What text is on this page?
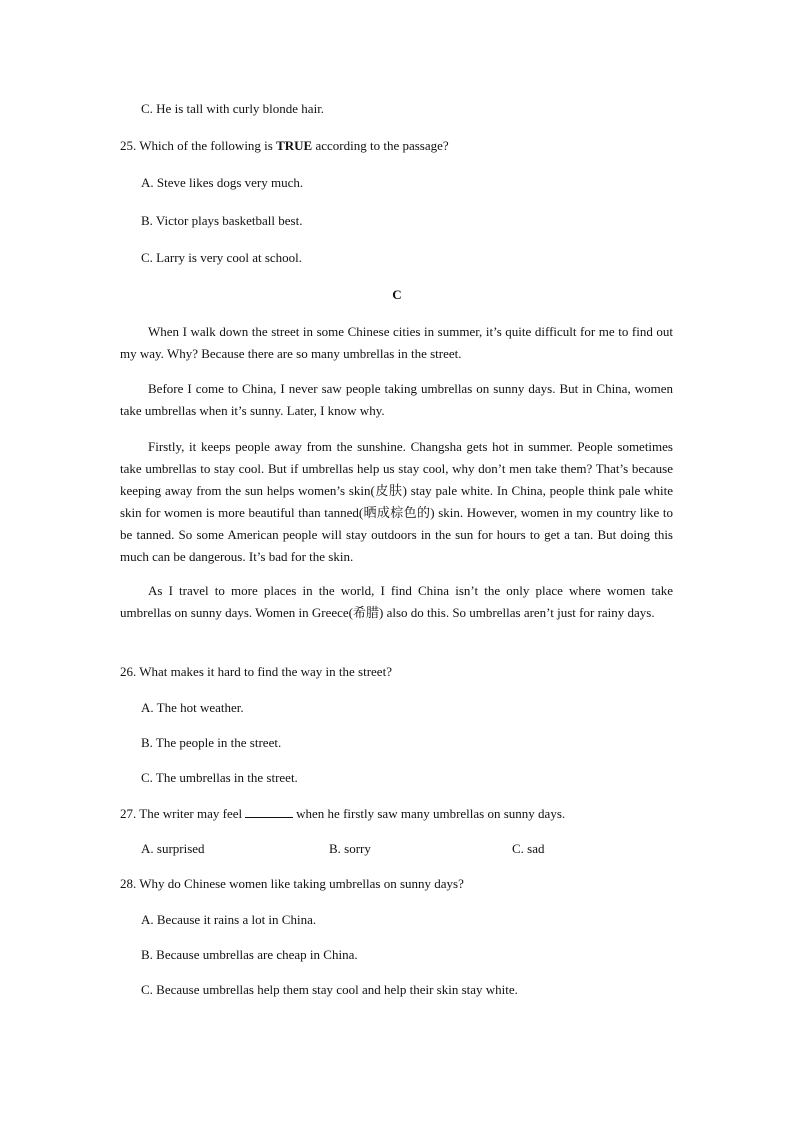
C. He is tall with curly blonde hair.
25. Which of the following is TRUE according to the passage?
A. Steve likes dogs very much.
B. Victor plays basketball best.
C. Larry is very cool at school.
C
When I walk down the street in some Chinese cities in summer, it’s quite difficult for me to find out my way. Why? Because there are so many umbrellas in the street.
Before I come to China, I never saw people taking umbrellas on sunny days. But in China, women take umbrellas when it’s sunny. Later, I know why.
Firstly, it keeps people away from the sunshine. Changsha gets hot in summer. People sometimes take umbrellas to stay cool. But if umbrellas help us stay cool, why don’t men take them? That’s because keeping away from the sun helps women’s skin(皮肤) stay pale white. In China, people think pale white skin for women is more beautiful than tanned(晒成棕色的) skin. However, women in my country like to be tanned. So some American people will stay outdoors in the sun for hours to get a tan. But doing this much can be dangerous. It’s bad for the skin.
As I travel to more places in the world, I find China isn’t the only place where women take umbrellas on sunny days. Women in Greece(希腊) also do this. So umbrellas aren’t just for rainy days.
26. What makes it hard to find the way in the street?
A. The hot weather.
B. The people in the street.
C. The umbrellas in the street.
27. The writer may feel	when he firstly saw many umbrellas on sunny days.
A. surprised	B. sorry	C. sad
28. Why do Chinese women like taking umbrellas on sunny days?
A. Because it rains a lot in China.
B. Because umbrellas are cheap in China.
C. Because umbrellas help them stay cool and help their skin stay white.
